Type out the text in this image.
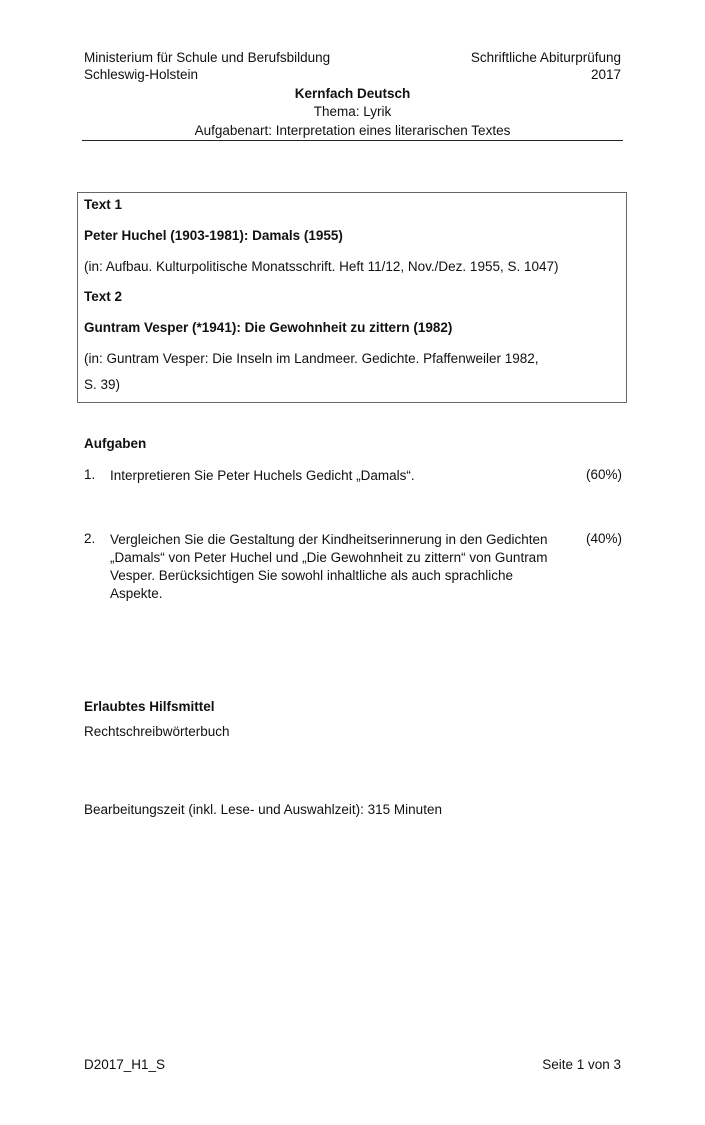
Ministerium für Schule und Berufsbildung
Schleswig-Holstein
Schriftliche Abiturprüfung
2017
Kernfach Deutsch
Thema: Lyrik
Aufgabenart: Interpretation eines literarischen Textes
Text 1
Peter Huchel (1903-1981): Damals (1955)
(in: Aufbau. Kulturpolitische Monatsschrift. Heft 11/12, Nov./Dez. 1955, S. 1047)
Text 2
Guntram Vesper (*1941): Die Gewohnheit zu zittern (1982)
(in: Guntram Vesper: Die Inseln im Landmeer. Gedichte. Pfaffenweiler 1982,
S. 39)
Aufgaben
1. Interpretieren Sie Peter Huchels Gedicht „Damals“.	(60%)
2. Vergleichen Sie die Gestaltung der Kindheitserinnerung in den Gedichten „Damals“ von Peter Huchel und „Die Gewohnheit zu zittern“ von Guntram Vesper. Berücksichtigen Sie sowohl inhaltliche als auch sprachliche Aspekte.
(40%)
Erlaubtes Hilfsmittel
Rechtschreibwörterbuch
Bearbeitungszeit (inkl. Lese- und Auswahlzeit): 315 Minuten
D2017_H1_S	Seite 1 von 3
